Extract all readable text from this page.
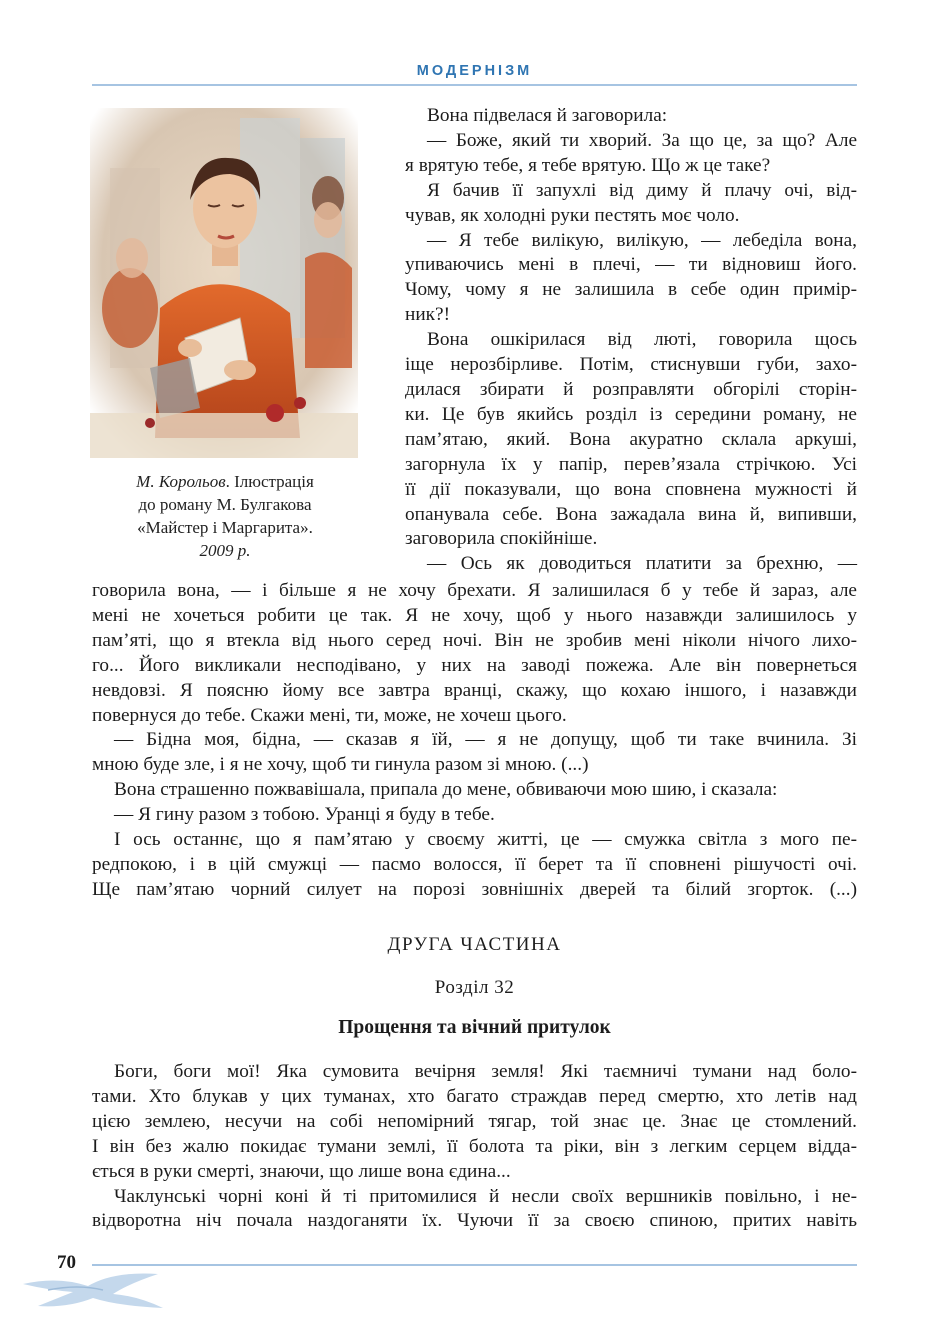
МОДЕРНІЗМ
М. Корольов. Ілюстрація
до роману М. Булгакова
«Майстер і Маргарита».
2009 р.
Вона підвелася й заговорила:
— Боже, який ти хворий. За що це, за що? Але
я врятую тебе, я тебе врятую. Що ж це таке?
Я бачив її запухлі від диму й плачу очі, від-
чував, як холодні руки пестять моє чоло.
— Я тебе вилікую, вилікую, — лебеділа вона,
упиваючись мені в плечі, — ти відновиш його.
Чому, чому я не залишила в себе один примір-
ник?!
Вона ошкірилася від люті, говорила щось
іще нерозбірливе. Потім, стиснувши губи, захо-
дилася збирати й розправляти обгорілі сторін-
ки. Це був якийсь розділ із середини роману, не
пам’ятаю, який. Вона акуратно склала аркуші,
загорнула їх у папір, перев’язала стрічкою. Усі
її дії показували, що вона сповнена мужності й
опанувала себе. Вона зажадала вина й, випивши,
заговорила спокійніше.
— Ось як доводиться платити за брехню, —
говорила вона, — і більше я не хочу брехати. Я залишилася б у тебе й зараз, але
мені не хочеться робити це так. Я не хочу, щоб у нього назавжди залишилось у
пам’яті, що я втекла від нього серед ночі. Він не зробив мені ніколи нічого лихо-
го... Його викликали несподівано, у них на заводі пожежа. Але він повернеться
невдовзі. Я поясню йому все завтра вранці, скажу, що кохаю іншого, і назавжди
повернуся до тебе. Скажи мені, ти, може, не хочеш цього.
— Бідна моя, бідна, — сказав я їй, — я не допущу, щоб ти таке вчинила. Зі
мною буде зле, і я не хочу, щоб ти гинула разом зі мною. (...)
Вона страшенно пожвавішала, припала до мене, обвиваючи мою шию, і сказала:
— Я гину разом з тобою. Уранці я буду в тебе.
І ось останнє, що я пам’ятаю у своєму житті, це — смужка світла з мого пе-
редпокою, і в цій смужці — пасмо волосся, її берет та її сповнені рішучості очі.
Ще пам’ятаю чорний силует на порозі зовнішніх дверей та білий згорток. (...)
ДРУГА ЧАСТИНА
Розділ 32
Прощення та вічний притулок
Боги, боги мої! Яка сумовита вечірня земля! Які таємничі тумани над боло-
тами. Хто блукав у цих туманах, хто багато страждав перед смертю, хто летів над
цією землею, несучи на собі непомірний тягар, той знає це. Знає це стомлений.
І він без жалю покидає тумани землі, її болота та ріки, він з легким серцем відда-
ється в руки смерті, знаючи, що лише вона єдина...
Чаклунські чорні коні й ті притомилися й несли своїх вершників повільно, і не-
відворотна ніч почала наздоганяти їх. Чуючи її за своєю спиною, притих навіть
70
